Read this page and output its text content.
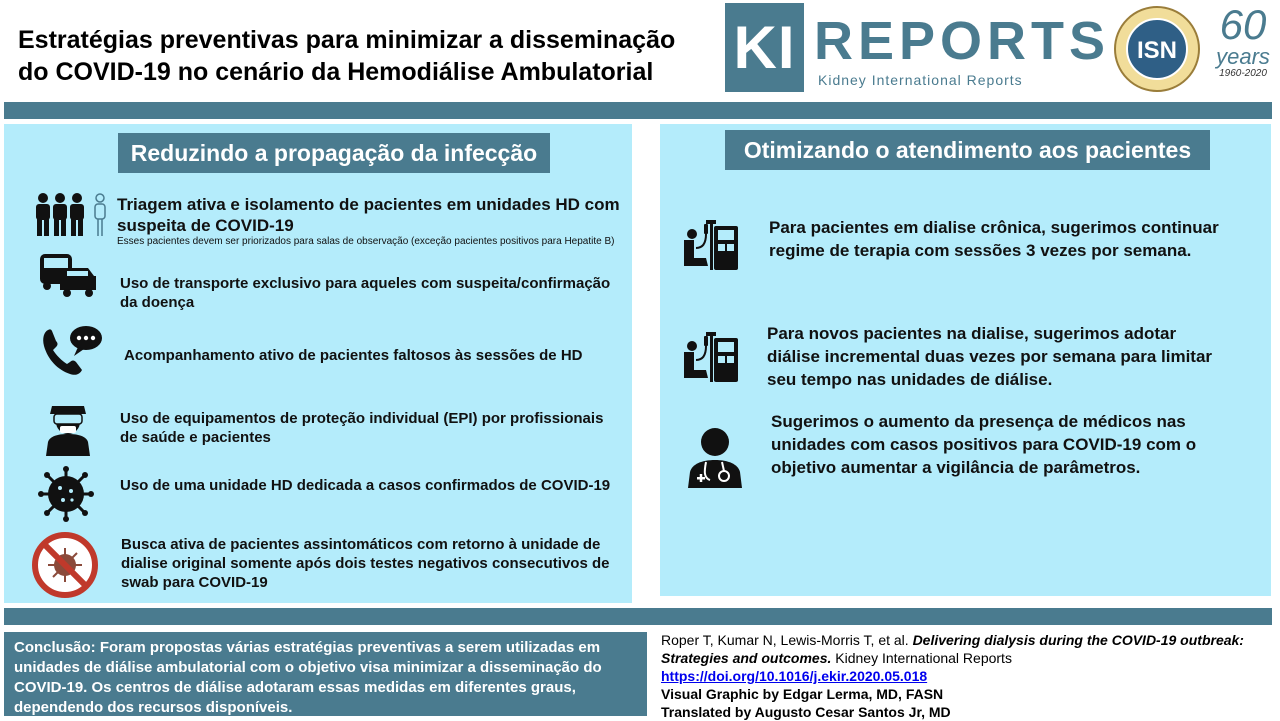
Estratégias preventivas para minimizar a disseminação
do COVID-19 no cenário da Hemodiálise Ambulatorial	KI REPORTS
Kidney International Reports
ISN
60
years
1960-2020
Reduzindo a propagação da infecção
Triagem ativa e isolamento de pacientes em unidades HD com suspeita de COVID-19
Esses pacientes devem ser priorizados para salas de observação (exceção pacientes positivos para Hepatite B)
Uso de transporte exclusivo para aqueles com suspeita/confirmação da doença
Acompanhamento ativo de pacientes faltosos às sessões de HD
Uso de equipamentos de proteção individual (EPI) por profissionais de saúde e pacientes
Uso de uma unidade HD dedicada a casos confirmados de COVID-19
Busca ativa de pacientes assintomáticos com retorno à unidade de dialise original somente após dois testes negativos consecutivos de swab para COVID-19
Otimizando o atendimento aos pacientes
Para pacientes em dialise crônica, sugerimos continuar regime de terapia com sessões 3 vezes por semana.
Para novos pacientes na dialise, sugerimos adotar diálise incremental duas vezes por semana para limitar seu tempo nas unidades de diálise.
Sugerimos o aumento da presença de médicos nas unidades com casos positivos para COVID-19 com o objetivo aumentar a vigilância de parâmetros.
Conclusão: Foram propostas várias estratégias preventivas a serem utilizadas em unidades de diálise ambulatorial com o objetivo visa minimizar a disseminação do COVID-19. Os centros de diálise adotaram essas medidas em diferentes graus, dependendo dos recursos disponíveis.
Roper T, Kumar N, Lewis-Morris T, et al. Delivering dialysis during the COVID-19 outbreak: Strategies and outcomes. Kidney International Reports
https://doi.org/10.1016/j.ekir.2020.05.018
Visual Graphic by Edgar Lerma, MD, FASN
Translated by Augusto Cesar Santos Jr, MD
